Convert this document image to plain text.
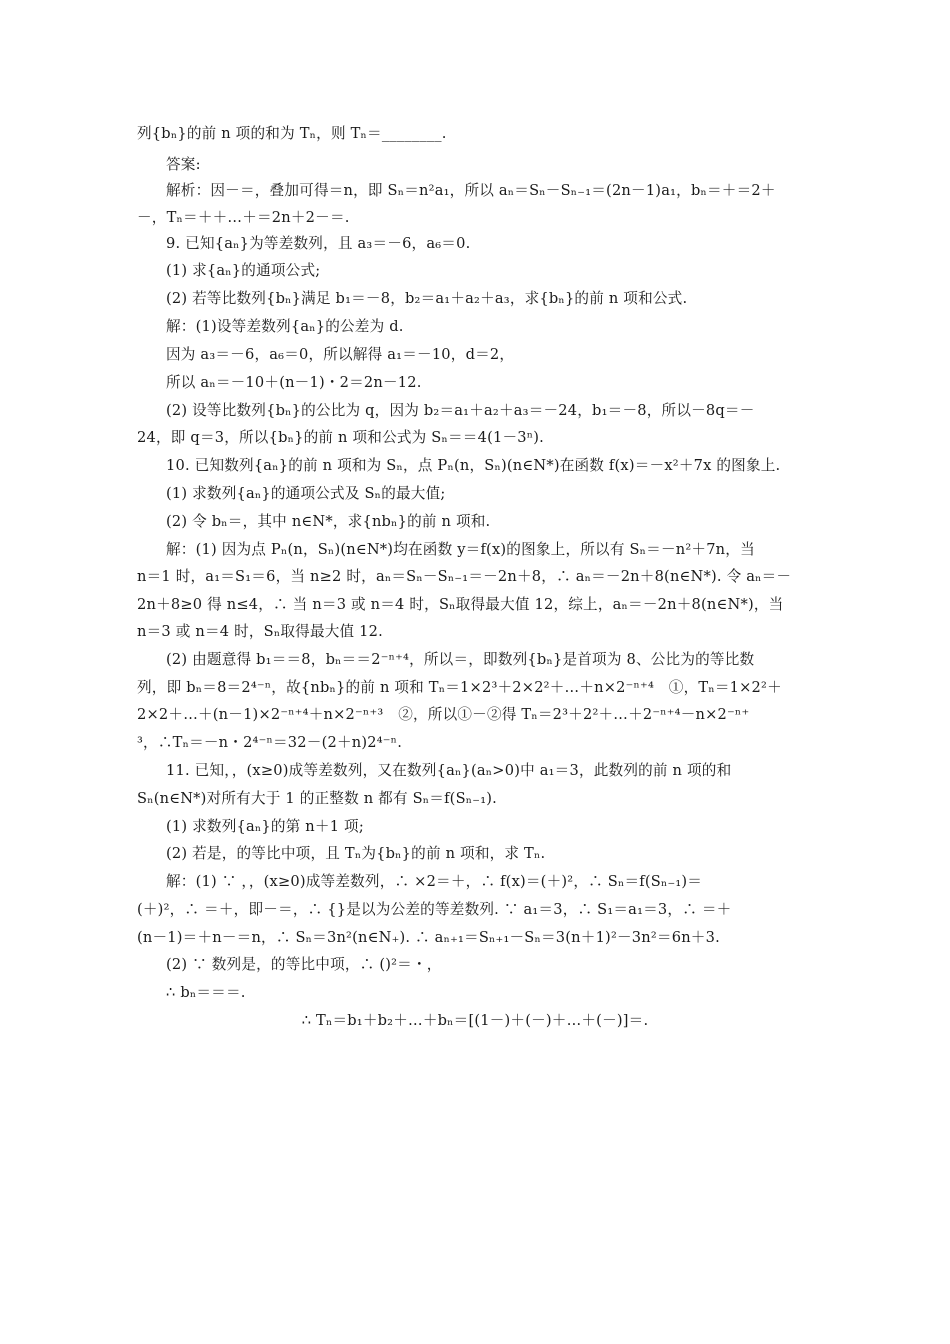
列{bₙ}的前 n 项的和为 Tₙ，则 Tₙ＝________.
答案:
解析：因－＝，叠加可得＝n，即 Sₙ＝n²a₁，所以 aₙ＝Sₙ－Sₙ₋₁＝(2n－1)a₁，bₙ＝＋＝2＋
－，Tₙ＝＋＋…＋＝2n＋2－＝.
9. 已知{aₙ}为等差数列，且 a₃＝－6，a₆＝0.
(1) 求{aₙ}的通项公式;
(2) 若等比数列{bₙ}满足 b₁＝－8，b₂＝a₁＋a₂＋a₃，求{bₙ}的前 n 项和公式.
解：(1)设等差数列{aₙ}的公差为 d.
因为 a₃＝－6，a₆＝0，所以解得 a₁＝－10，d＝2，
所以 aₙ＝－10＋(n－1)・2＝2n－12.
(2) 设等比数列{bₙ}的公比为 q，因为 b₂＝a₁＋a₂＋a₃＝－24，b₁＝－8，所以－8q＝－
24，即 q＝3，所以{bₙ}的前 n 项和公式为 Sₙ＝＝4(1－3ⁿ).
10. 已知数列{aₙ}的前 n 项和为 Sₙ，点 Pₙ(n，Sₙ)(n∈N*)在函数 f(x)＝－x²＋7x 的图象上.
(1) 求数列{aₙ}的通项公式及 Sₙ的最大值;
(2) 令 bₙ＝，其中 n∈N*，求{nbₙ}的前 n 项和.
解：(1) 因为点 Pₙ(n，Sₙ)(n∈N*)均在函数 y＝f(x)的图象上，所以有 Sₙ＝－n²＋7n，当
n＝1 时，a₁＝S₁＝6，当 n≥2 时，aₙ＝Sₙ－Sₙ₋₁＝－2n＋8，∴ aₙ＝－2n＋8(n∈N*). 令 aₙ＝－
2n＋8≥0 得 n≤4，∴ 当 n＝3 或 n＝4 时，Sₙ取得最大值 12，综上，aₙ＝－2n＋8(n∈N*)，当
n＝3 或 n＝4 时，Sₙ取得最大值 12.
(2) 由题意得 b₁＝＝8，bₙ＝＝2⁻ⁿ⁺⁴，所以＝，即数列{bₙ}是首项为 8、公比为的等比数
列，即 bₙ＝8＝2⁴⁻ⁿ，故{nbₙ}的前 n 项和 Tₙ＝1×2³＋2×2²＋…＋n×2⁻ⁿ⁺⁴　①，Tₙ＝1×2²＋
2×2＋…＋(n－1)×2⁻ⁿ⁺⁴＋n×2⁻ⁿ⁺³　②，所以①－②得 Tₙ＝2³＋2²＋…＋2⁻ⁿ⁺⁴－n×2⁻ⁿ⁺
³，∴Tₙ＝－n・2⁴⁻ⁿ＝32－(2＋n)2⁴⁻ⁿ.
11. 已知，，(x≥0)成等差数列，又在数列{aₙ}(aₙ>0)中 a₁＝3，此数列的前 n 项的和
Sₙ(n∈N*)对所有大于 1 的正整数 n 都有 Sₙ＝f(Sₙ₋₁).
(1) 求数列{aₙ}的第 n＋1 项;
(2) 若是，的等比中项，且 Tₙ为{bₙ}的前 n 项和，求 Tₙ.
解：(1) ∵ ，，(x≥0)成等差数列，∴ ×2＝＋，∴ f(x)＝(＋)²，∴ Sₙ＝f(Sₙ₋₁)＝
(＋)²，∴ ＝＋，即－＝，∴ {}是以为公差的等差数列. ∵ a₁＝3，∴ S₁＝a₁＝3，∴ ＝＋
(n－1)＝＋n－＝n，∴ Sₙ＝3n²(n∈N₊). ∴ aₙ₊₁＝Sₙ₊₁－Sₙ＝3(n＋1)²－3n²＝6n＋3.
(2) ∵ 数列是，的等比中项，∴ ()²＝・，
∴ bₙ＝＝＝.
∴ Tₙ＝b₁＋b₂＋…＋bₙ＝[(1－)＋(－)＋…＋(－)]＝.
